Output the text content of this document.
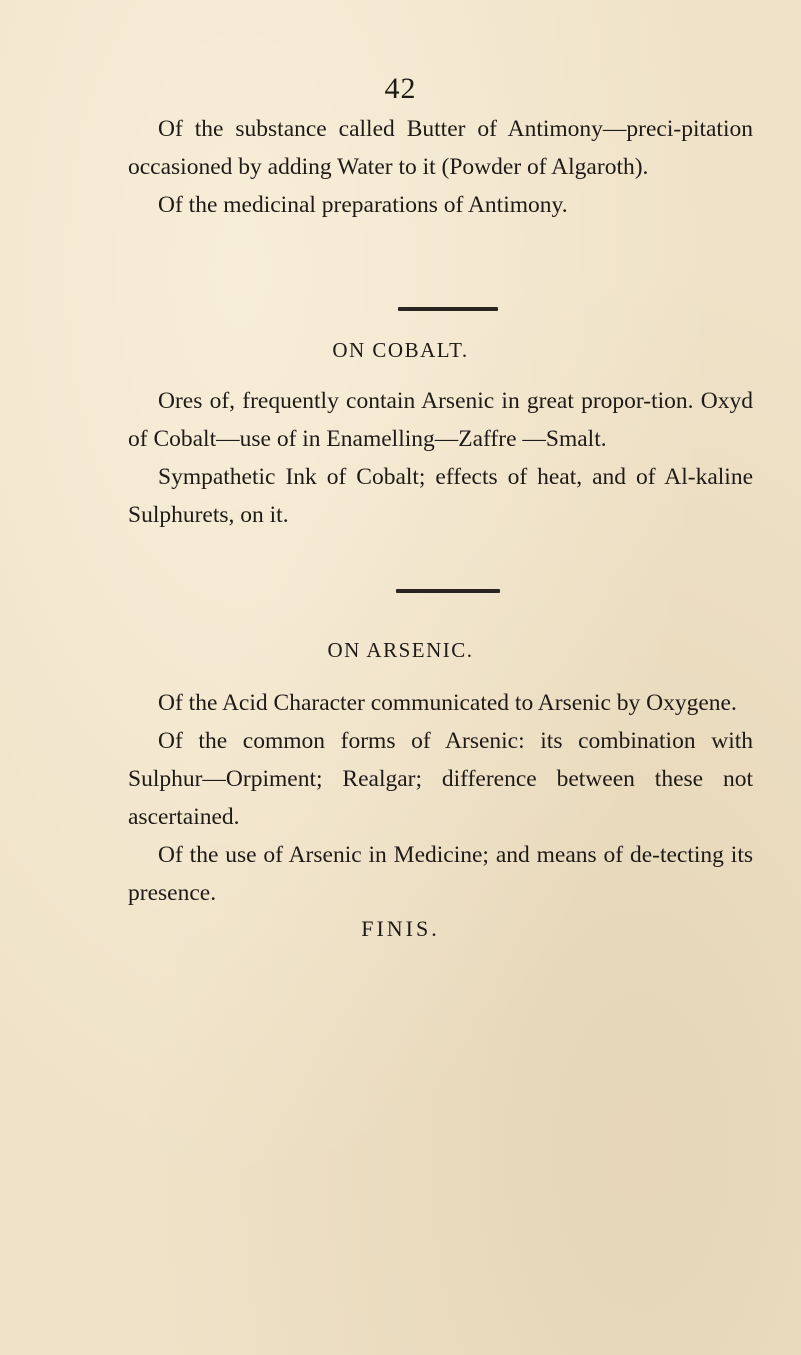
42

Of the substance called Butter of Antimony—preci-pitation occasioned by adding Water to it (Powder of Algaroth).

Of the medicinal preparations of Antimony.

ON COBALT.

Ores of, frequently contain Arsenic in great propor-tion. Oxyd of Cobalt—use of in Enamelling—Zaffre —Smalt.

Sympathetic Ink of Cobalt; effects of heat, and of Al-kaline Sulphurets, on it.

ON ARSENIC.

Of the Acid Character communicated to Arsenic by Oxygene.

Of the common forms of Arsenic: its combination with Sulphur—Orpiment; Realgar; difference between these not ascertained.

Of the use of Arsenic in Medicine; and means of de-tecting its presence.

FINIS.
